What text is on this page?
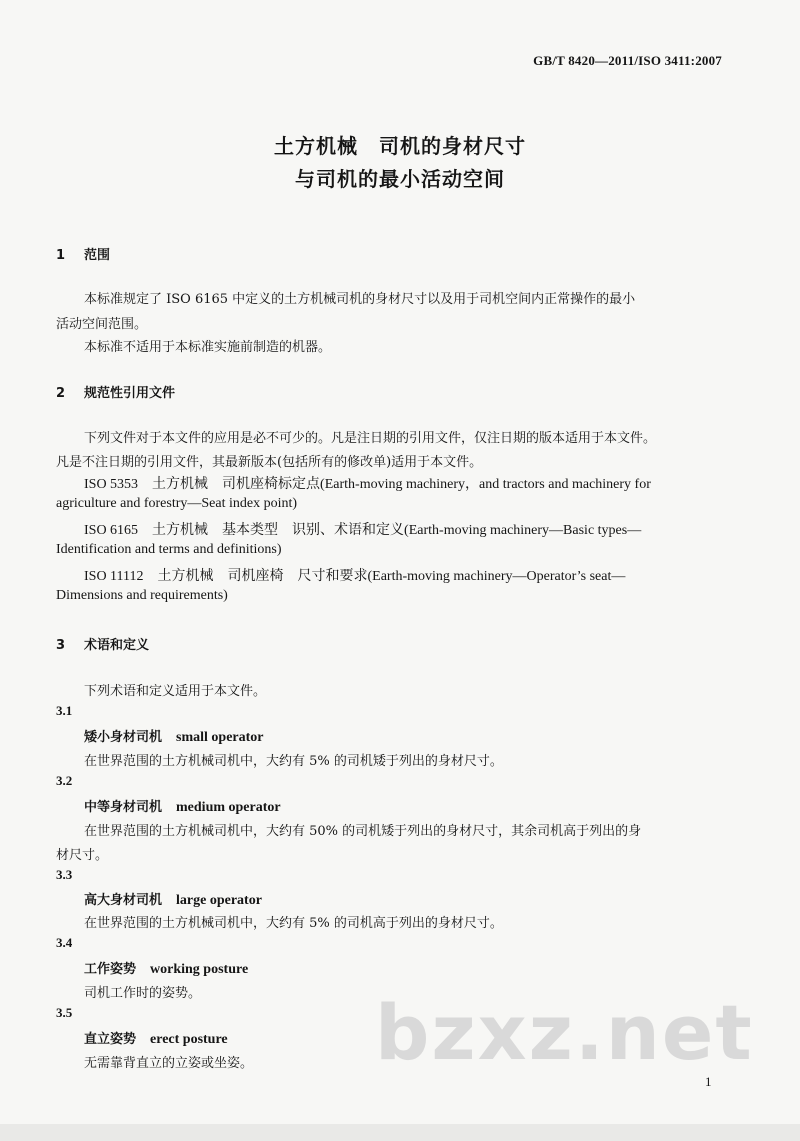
GB/T 8420—2011/ISO 3411:2007
土方机械　司机的身材尺寸
与司机的最小活动空间
1 范围
本标准规定了 ISO 6165 中定义的土方机械司机的身材尺寸以及用于司机空间内正常操作的最小
活动空间范围。
本标准不适用于本标准实施前制造的机器。
2 规范性引用文件
下列文件对于本文件的应用是必不可少的。凡是注日期的引用文件，仅注日期的版本适用于本文件。
凡是不注日期的引用文件，其最新版本(包括所有的修改单)适用于本文件。
ISO 5353　土方机械　司机座椅标定点(Earth-moving machinery，and tractors and machinery for
agriculture and forestry—Seat index point)
ISO 6165　土方机械　基本类型　识别、术语和定义(Earth-moving machinery—Basic types—
Identification and terms and definitions)
ISO 11112　土方机械　司机座椅　尺寸和要求(Earth-moving machinery—Operator’s seat—
Dimensions and requirements)
3 术语和定义
下列术语和定义适用于本文件。
3.1
矮小身材司机 small operator
在世界范围的土方机械司机中，大约有 5% 的司机矮于列出的身材尺寸。
3.2
中等身材司机 medium operator
在世界范围的土方机械司机中，大约有 50% 的司机矮于列出的身材尺寸，其余司机高于列出的身
材尺寸。
3.3
高大身材司机 large operator
在世界范围的土方机械司机中，大约有 5% 的司机高于列出的身材尺寸。
3.4
工作姿势 working posture
司机工作时的姿势。
3.5
直立姿势 erect posture
无需靠背直立的立姿或坐姿。 bzxz.net
1
